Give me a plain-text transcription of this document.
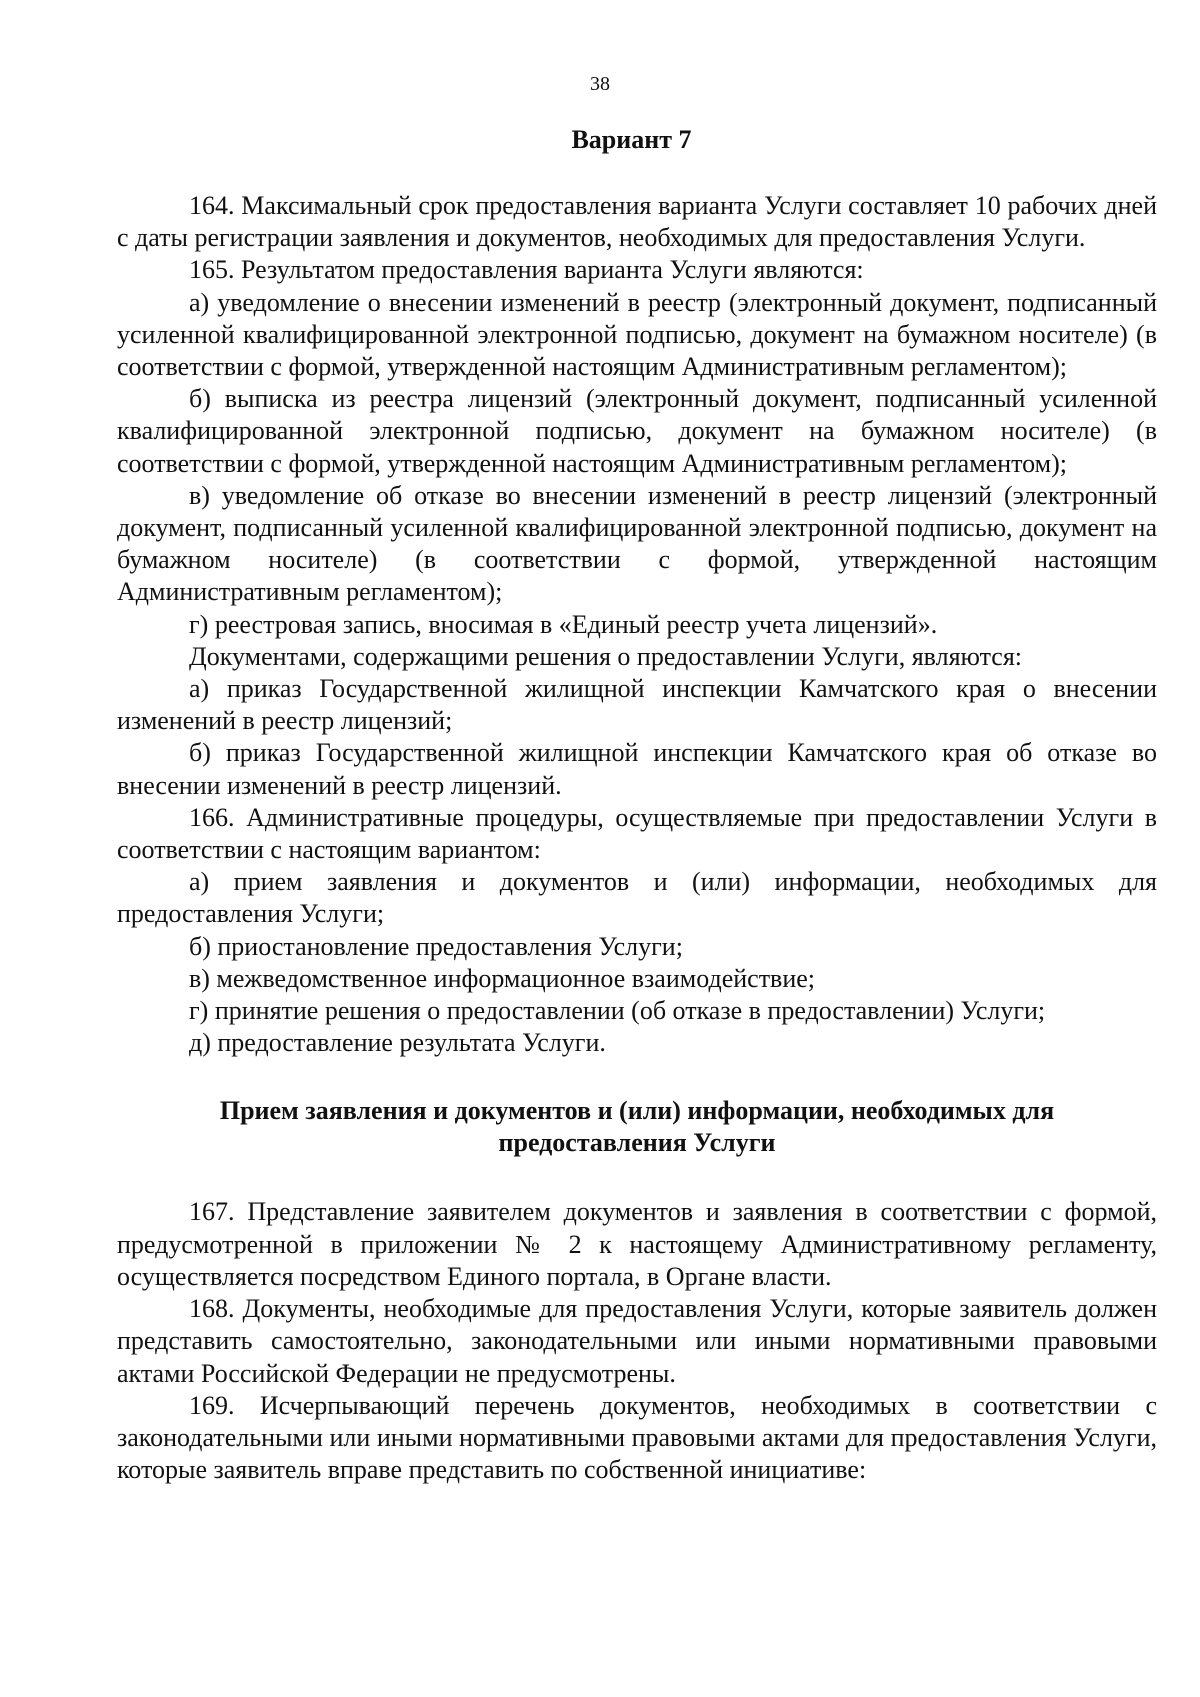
38
Вариант 7

164. Максимальный срок предоставления варианта Услуги составляет 10 рабочих дней с даты регистрации заявления и документов, необходимых для предоставления Услуги.

165. Результатом предоставления варианта Услуги являются:

а) уведомление о внесении изменений в реестр (электронный документ, подписанный усиленной квалифицированной электронной подписью, документ на бумажном носителе) (в соответствии с формой, утвержденной настоящим Административным регламентом);

б) выписка из реестра лицензий (электронный документ, подписанный усиленной квалифицированной электронной подписью, документ на бумажном носителе) (в соответствии с формой, утвержденной настоящим Административным регламентом);

в) уведомление об отказе во внесении изменений в реестр лицензий (электронный документ, подписанный усиленной квалифицированной электронной подписью, документ на бумажном носителе) (в соответствии с формой, утвержденной настоящим Административным регламентом);

г) реестровая запись, вносимая в «Единый реестр учета лицензий».

Документами, содержащими решения о предоставлении Услуги, являются:

а) приказ Государственной жилищной инспекции Камчатского края о внесении изменений в реестр лицензий;

б) приказ Государственной жилищной инспекции Камчатского края об отказе во внесении изменений в реестр лицензий.

166. Административные процедуры, осуществляемые при предоставлении Услуги в соответствии с настоящим вариантом:

а) прием заявления и документов и (или) информации, необходимых для предоставления Услуги;

б) приостановление предоставления Услуги;

в) межведомственное информационное взаимодействие;

г) принятие решения о предоставлении (об отказе в предоставлении) Услуги;

д) предоставление результата Услуги.

Прием заявления и документов и (или) информации, необходимых для
предоставления Услуги

167. Представление заявителем документов и заявления в соответствии с формой, предусмотренной в приложении № 2 к настоящему Административному регламенту, осуществляется посредством Единого портала, в Органе власти.

168. Документы, необходимые для предоставления Услуги, которые заявитель должен представить самостоятельно, законодательными или иными нормативными правовыми актами Российской Федерации не предусмотрены.

169. Исчерпывающий перечень документов, необходимых в соответствии с законодательными или иными нормативными правовыми актами для предоставления Услуги, которые заявитель вправе представить по собственной инициативе:
